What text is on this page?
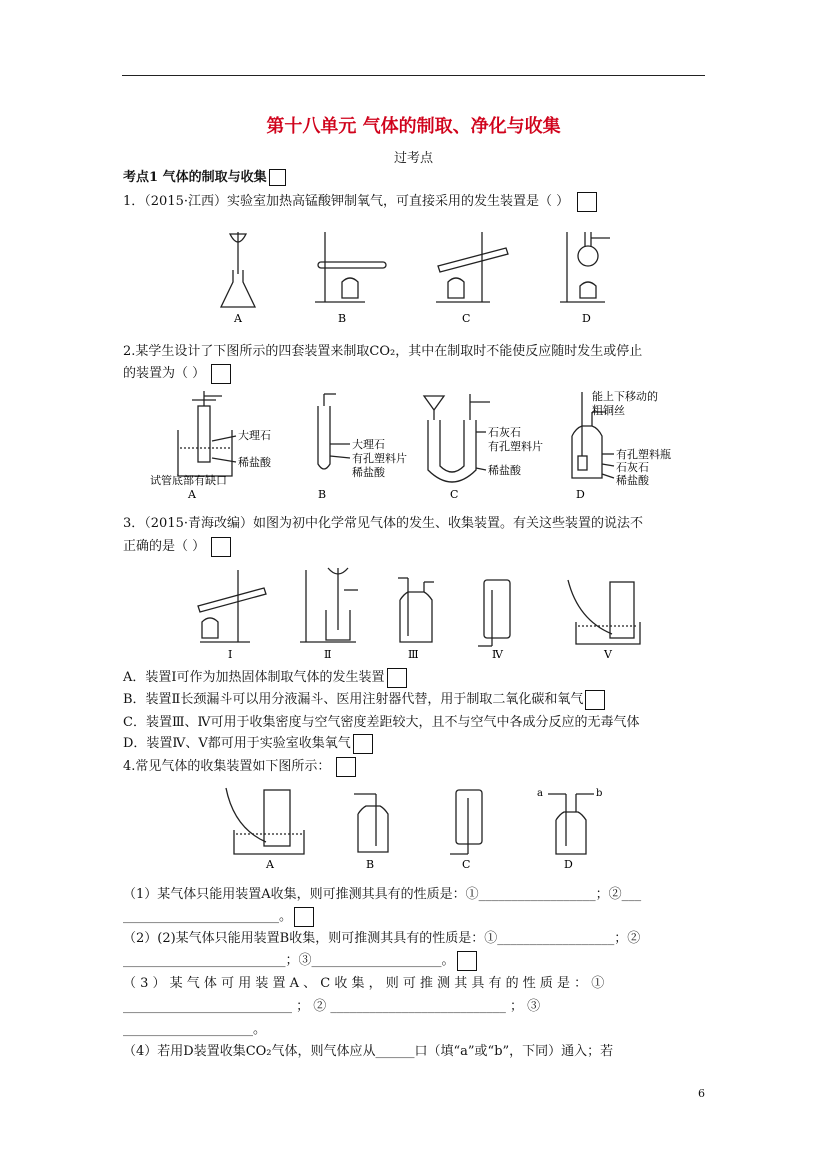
第十八单元 气体的制取、净化与收集
过考点
考点1 气体的制取与收集
1．（2015·江西）实验室加热高锰酸钾制氧气，可直接采用的发生装置是（ ）
A	B	C	D
2.某学生设计了下图所示的四套装置来制取CO₂，其中在制取时不能使反应随时发生或停止
的装置为（ ）
大理石
稀盐酸
试管底部有缺口
A
大理石
有孔塑料片
稀盐酸
B
石灰石
有孔塑料片
稀盐酸
C
能上下移动的
粗铜丝
有孔塑料瓶
石灰石
稀盐酸
D
3．（2015·青海改编）如图为初中化学常见气体的发生、收集装置。有关这些装置的说法不
正确的是（ ）
Ⅰ	Ⅱ	Ⅲ	Ⅳ	Ⅴ
A．装置Ⅰ可作为加热固体制取气体的发生装置
B．装置Ⅱ长颈漏斗可以用分液漏斗、医用注射器代替，用于制取二氧化碳和氧气
C．装置Ⅲ、Ⅳ可用于收集密度与空气密度差距较大，且不与空气中各成分反应的无毒气体
D．装置Ⅳ、Ⅴ都可用于实验室收集氧气
4.常见气体的收集装置如下图所示：
a	b
A	B	C	D
（1）某气体只能用装置A收集，则可推测其具有的性质是：①__________________；②___
________________________。
（2）(2)某气体只能用装置B收集，则可推测其具有的性质是：①__________________；②
_________________________；③____________________。
（ 3 ） 某 气 体 可 用 装 置 A 、 C 收 集 ， 则 可 推 测 其 具 有 的 性 质 是 ： ①
__________________________ ； ② ___________________________ ； ③
____________________。
（4）若用D装置收集CO₂气体，则气体应从______口（填“a”或“b”，下同）通入；若
6
